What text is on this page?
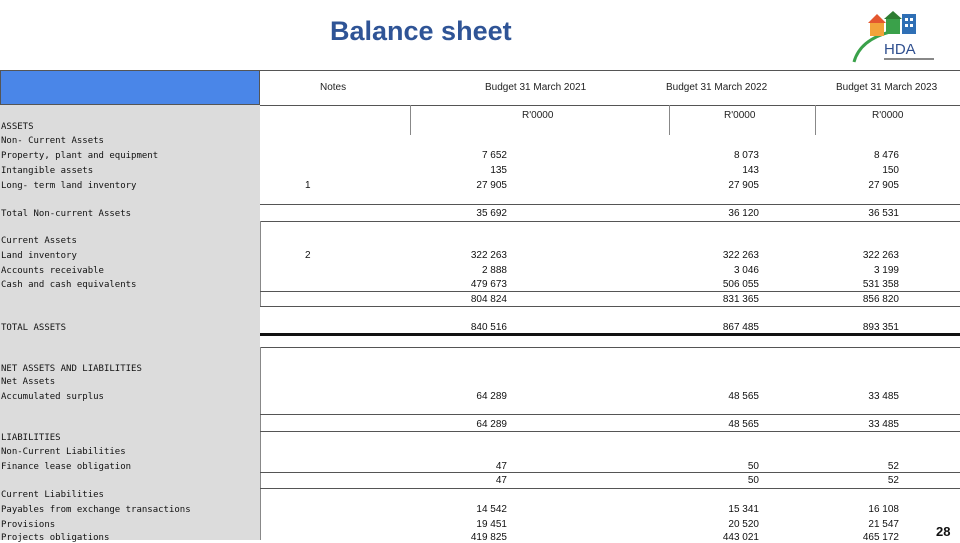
Balance sheet
HDA
Notes	Budget 31 March 2021	Budget 31 March 2022	Budget 31 March 2023
R'0000	R'0000	R'0000
ASSETS
Non- Current Assets
Property, plant and equipment	7 652	8 073	8 476
Intangible assets	135	143	150
Long- term land inventory	1	27 905	27 905	27 905
Total Non-current Assets	35 692	36 120	36 531
Current Assets
Land inventory	2	322 263	322 263	322 263
Accounts receivable	2 888	3 046	3 199
Cash and cash equivalents	479 673	506 055	531 358
804 824	831 365	856 820
TOTAL ASSETS	840 516	867 485	893 351
NET ASSETS AND LIABILITIES
Net Assets
Accumulated surplus	64 289	48 565	33 485
64 289	48 565	33 485
LIABILITIES
Non-Current Liabilities
Finance lease obligation	47	50	52
47	50	52
Current Liabilities
Payables from exchange transactions	14 542	15 341	16 108
Provisions	19 451	20 520	21 547
Projects obligations	419 825	443 021	465 172	28
